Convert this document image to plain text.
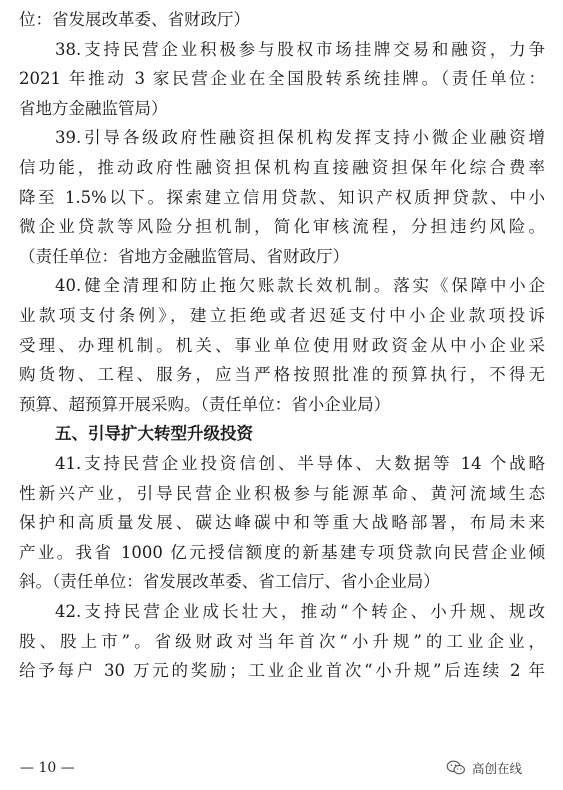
位：省发展改革委、省财政厅）
38.支持民营企业积极参与股权市场挂牌交易和融资，力争
2021 年推动 3 家民营企业在全国股转系统挂牌。（责任单位：
省地方金融监管局）
39.引导各级政府性融资担保机构发挥支持小微企业融资增
信功能，推动政府性融资担保机构直接融资担保年化综合费率
降至 1.5%以下。探索建立信用贷款、知识产权质押贷款、中小
微企业贷款等风险分担机制，简化审核流程，分担违约风险。
（责任单位：省地方金融监管局、省财政厅）
40.健全清理和防止拖欠账款长效机制。落实《保障中小企
业款项支付条例》，建立拒绝或者迟延支付中小企业款项投诉
受理、办理机制。机关、事业单位使用财政资金从中小企业采
购货物、工程、服务，应当严格按照批准的预算执行，不得无
预算、超预算开展采购。（责任单位：省小企业局）
五、引导扩大转型升级投资
41.支持民营企业投资信创、半导体、大数据等 14 个战略
性新兴产业，引导民营企业积极参与能源革命、黄河流域生态
保护和高质量发展、碳达峰碳中和等重大战略部署，布局未来
产业。我省 1000 亿元授信额度的新基建专项贷款向民营企业倾
斜。（责任单位：省发展改革委、省工信厅、省小企业局）
42.支持民营企业成长壮大，推动“个转企、小升规、规改
股、股上市”。省级财政对当年首次“小升规”的工业企业，
给予每户 30 万元的奖励；工业企业首次“小升规”后连续 2 年
— 10 —	高创在线
